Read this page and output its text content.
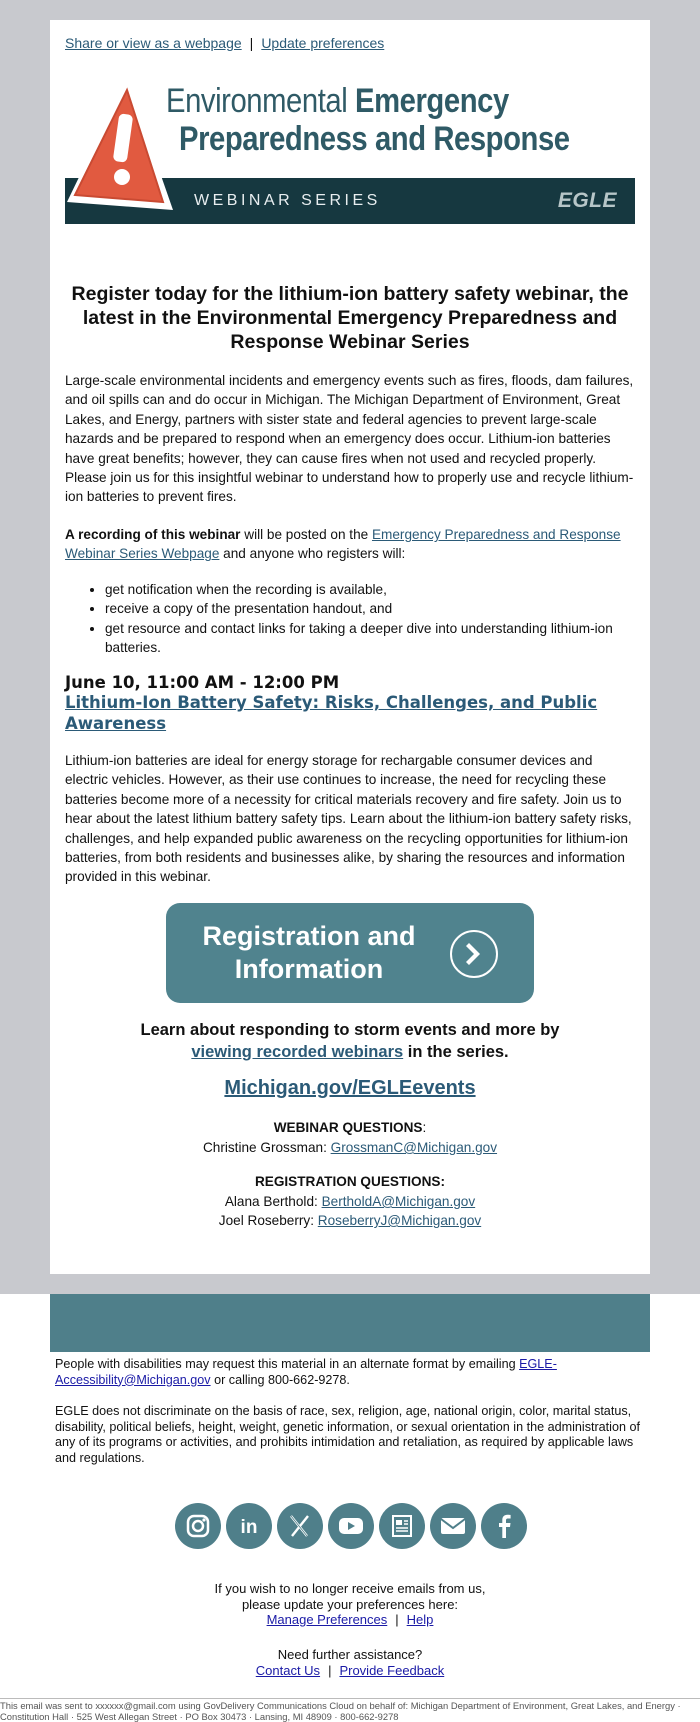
Share or view as a webpage | Update preferences
WEBINAR SERIES	EGLE
Environmental Emergency
Preparedness and Response
Register today for the lithium-ion battery safety webinar, the latest in the Environmental Emergency Preparedness and Response Webinar Series
Large-scale environmental incidents and emergency events such as fires, floods, dam failures, and oil spills can and do occur in Michigan. The Michigan Department of Environment, Great Lakes, and Energy, partners with sister state and federal agencies to prevent large-scale hazards and be prepared to respond when an emergency does occur. Lithium-ion batteries have great benefits; however, they can cause fires when not used and recycled properly. Please join us for this insightful webinar to understand how to properly use and recycle lithium-ion batteries to prevent fires.
A recording of this webinar will be posted on the Emergency Preparedness and Response Webinar Series Webpage and anyone who registers will:
• get notification when the recording is available,
• receive a copy of the presentation handout, and
• get resource and contact links for taking a deeper dive into understanding lithium-ion batteries.
June 10, 11:00 AM - 12:00 PM
Lithium-Ion Battery Safety: Risks, Challenges, and Public Awareness
Lithium-ion batteries are ideal for energy storage for rechargable consumer devices and electric vehicles. However, as their use continues to increase, the need for recycling these batteries become more of a necessity for critical materials recovery and fire safety. Join us to hear about the latest lithium battery safety tips. Learn about the lithium-ion battery safety risks, challenges, and help expanded public awareness on the recycling opportunities for lithium-ion batteries, from both residents and businesses alike, by sharing the resources and information provided in this webinar.
Registration and
Information
Learn about responding to storm events and more by
viewing recorded webinars in the series.
Michigan.gov/EGLEevents
WEBINAR QUESTIONS:
Christine Grossman: GrossmanC@Michigan.gov
REGISTRATION QUESTIONS:
Alana Berthold: BertholdA@Michigan.gov
Joel Roseberry: RoseberryJ@Michigan.gov
People with disabilities may request this material in an alternate format by emailing EGLE-Accessibility@Michigan.gov or calling 800-662-9278.
EGLE does not discriminate on the basis of race, sex, religion, age, national origin, color, marital status, disability, political beliefs, height, weight, genetic information, or sexual orientation in the administration of any of its programs or activities, and prohibits intimidation and retaliation, as required by applicable laws and regulations.
in
If you wish to no longer receive emails from us,
please update your preferences here:
Manage Preferences | Help
Need further assistance?
Contact Us | Provide Feedback
This email was sent to xxxxxx@gmail.com using GovDelivery Communications Cloud on behalf of: Michigan Department of Environment, Great Lakes, and Energy · Constitution Hall · 525 West Allegan Street · PO Box 30473 · Lansing, MI 48909 · 800-662-9278
